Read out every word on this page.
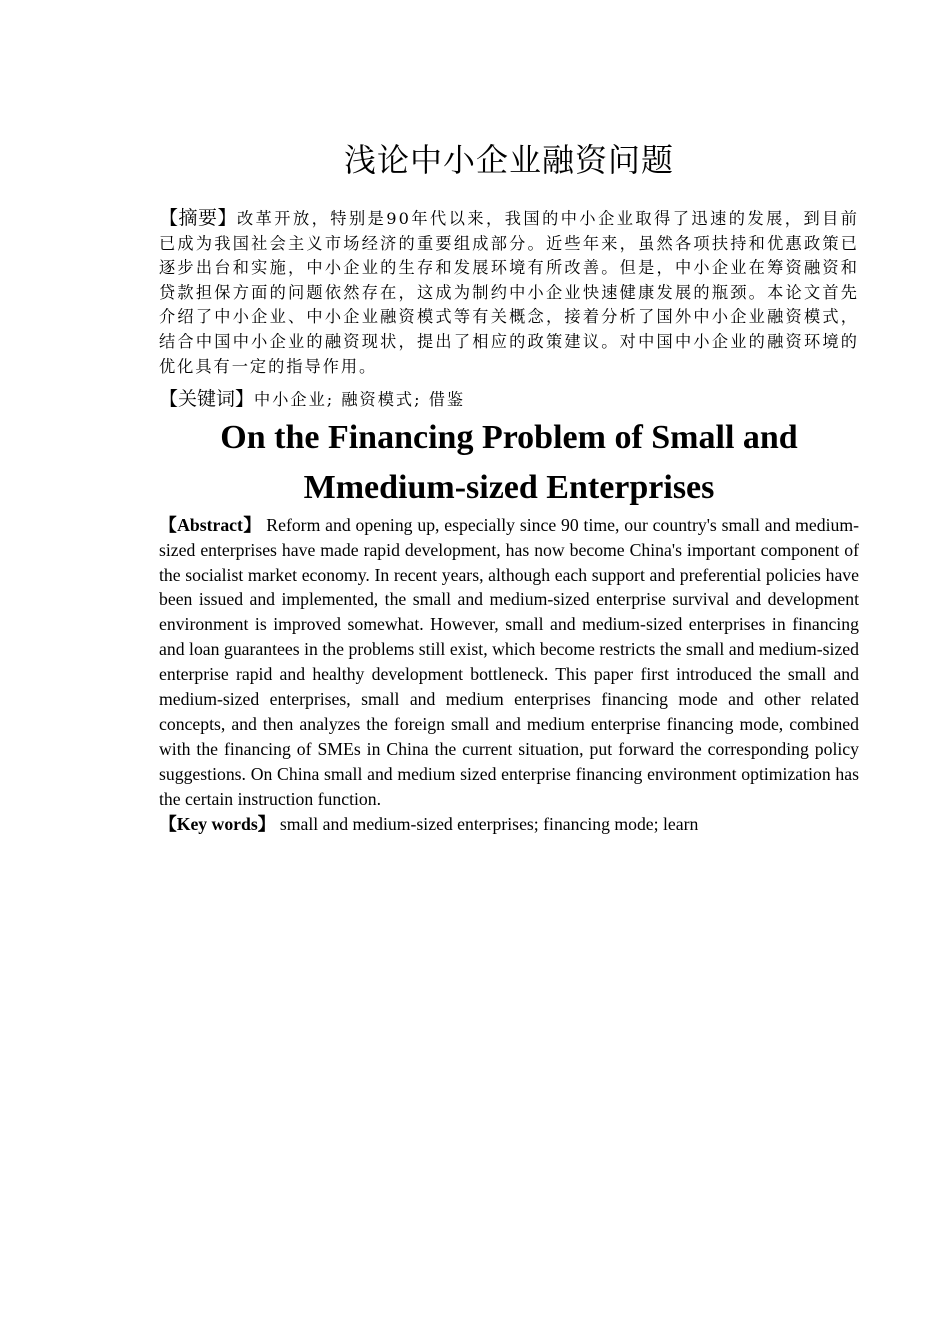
浅论中小企业融资问题

【摘要】改革开放，特别是90年代以来，我国的中小企业取得了迅速的发展，到目前已成为我国社会主义市场经济的重要组成部分。近些年来，虽然各项扶持和优惠政策已逐步出台和实施，中小企业的生存和发展环境有所改善。但是，中小企业在筹资融资和贷款担保方面的问题依然存在，这成为制约中小企业快速健康发展的瓶颈。本论文首先介绍了中小企业、中小企业融资模式等有关概念，接着分析了国外中小企业融资模式，结合中国中小企业的融资现状，提出了相应的政策建议。对中国中小企业的融资环境的优化具有一定的指导作用。

【关键词】中小企业; 融资模式; 借鉴

On the Financing Problem of Small and
Mmedium-sized Enterprises

【Abstract】 Reform and opening up, especially since 90 time, our country's small and medium-sized enterprises have made rapid development, has now become China's important component of the socialist market economy. In recent years, although each support and preferential policies have been issued and implemented, the small and medium-sized enterprise survival and development environment is improved somewhat. However, small and medium-sized enterprises in financing and loan guarantees in the problems still exist, which become restricts the small and medium-sized enterprise rapid and healthy development bottleneck. This paper first introduced the small and medium-sized enterprises, small and medium enterprises financing mode and other related concepts, and then analyzes the foreign small and medium enterprise financing mode, combined with the financing of SMEs in China the current situation, put forward the corresponding policy suggestions. On China small and medium sized enterprise financing environment optimization has the certain instruction function.

【Key words】 small and medium-sized enterprises; financing mode; learn
